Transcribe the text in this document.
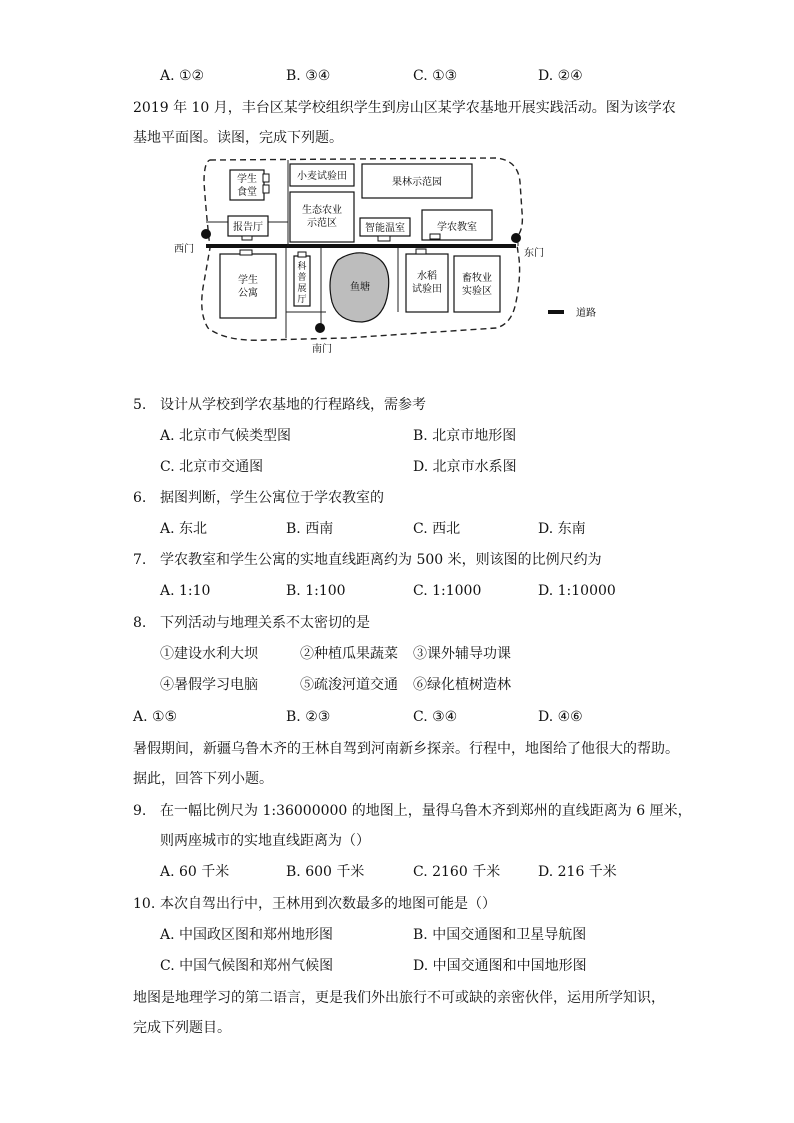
A. ①②	B. ③④	C. ①③	D. ②④
2019 年 10 月，丰台区某学校组织学生到房山区某学农基地开展实践活动。图为该学农
基地平面图。读图，完成下列题。
学生
食堂
小麦试验田
果林示范园
生态农业
示范区
报告厅	智能温室	学农教室
西门	东门
南门
学生
公寓
科
普
展
厅
鱼塘
水稻
试验田
畜牧业
实验区
道路
5. 设计从学校到学农基地的行程路线，需参考
A. 北京市气候类型图	B. 北京市地形图
C. 北京市交通图	D. 北京市水系图
6. 据图判断，学生公寓位于学农教室的
A. 东北	B. 西南	C. 西北	D. 东南
7. 学农教室和学生公寓的实地直线距离约为 500 米，则该图的比例尺约为
A. 1:10	B. 1:100	C. 1:1000	D. 1:10000
8. 下列活动与地理关系不太密切的是
①建设水利大坝	②种植瓜果蔬菜 ③课外辅导功课
④暑假学习电脑	⑤疏浚河道交通 ⑥绿化植树造林
A. ①⑤	B. ②③	C. ③④	D. ④⑥
暑假期间，新疆乌鲁木齐的王林自驾到河南新乡探亲。行程中，地图给了他很大的帮助。
据此，回答下列小题。
9. 在一幅比例尺为 1:36000000 的地图上，量得乌鲁木齐到郑州的直线距离为 6 厘米，
则两座城市的实地直线距离为（）
A. 60 千米	B. 600 千米	C. 2160 千米	D. 216 千米
10. 本次自驾出行中，王林用到次数最多的地图可能是（）
A. 中国政区图和郑州地形图	B. 中国交通图和卫星导航图
C. 中国气候图和郑州气候图	D. 中国交通图和中国地形图
地图是地理学习的第二语言，更是我们外出旅行不可或缺的亲密伙伴，运用所学知识，
完成下列题目。
